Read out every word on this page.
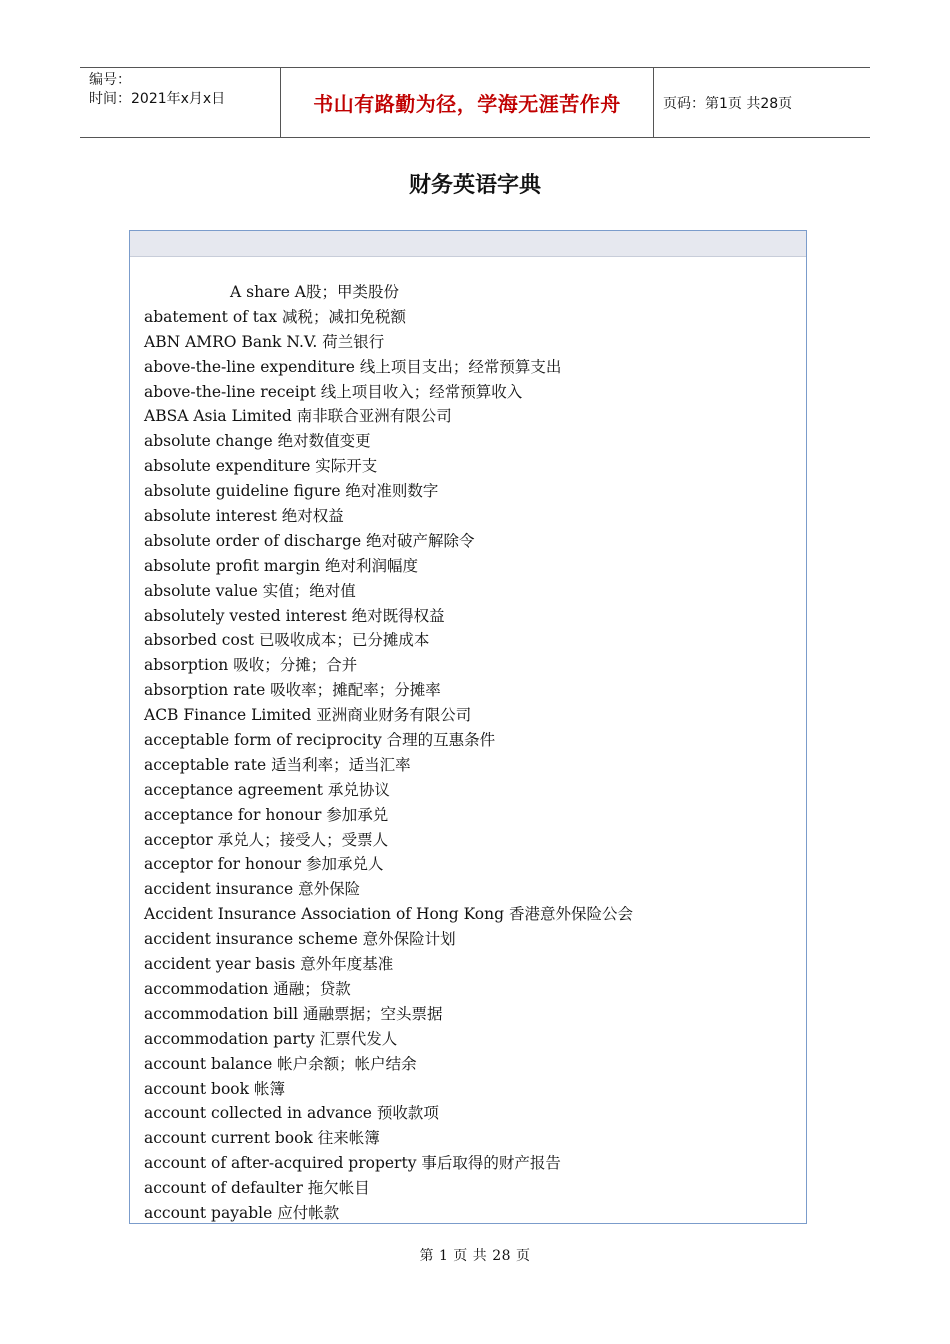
编号：
时间：2021年x月x日	书山有路勤为径，学海无涯苦作舟	页码：第1页 共28页
财务英语字典
A share A股；甲类股份
abatement of tax 减税；减扣免税额
ABN AMRO Bank N.V. 荷兰银行
above-the-line expenditure 线上项目支出；经常预算支出
above-the-line receipt 线上项目收入；经常预算收入
ABSA Asia Limited 南非联合亚洲有限公司
absolute change 绝对数值变更
absolute expenditure 实际开支
absolute guideline figure 绝对准则数字
absolute interest 绝对权益
absolute order of discharge 绝对破产解除令
absolute profit margin 绝对利润幅度
absolute value 实值；绝对值
absolutely vested interest 绝对既得权益
absorbed cost 已吸收成本；已分摊成本
absorption 吸收；分摊；合并
absorption rate 吸收率；摊配率；分摊率
ACB Finance Limited 亚洲商业财务有限公司
acceptable form of reciprocity 合理的互惠条件
acceptable rate 适当利率；适当汇率
acceptance agreement 承兑协议
acceptance for honour 参加承兑
acceptor 承兑人；接受人；受票人
acceptor for honour 参加承兑人
accident insurance 意外保险
Accident Insurance Association of Hong Kong 香港意外保险公会
accident insurance scheme 意外保险计划
accident year basis 意外年度基准
accommodation 通融；贷款
accommodation bill 通融票据；空头票据
accommodation party 汇票代发人
account balance 帐户余额；帐户结余
account book 帐簿
account collected in advance 预收款项
account current book 往来帐簿
account of after-acquired property 事后取得的财产报告
account of defaulter 拖欠帐目
account payable 应付帐款
第 1 页 共 28 页
